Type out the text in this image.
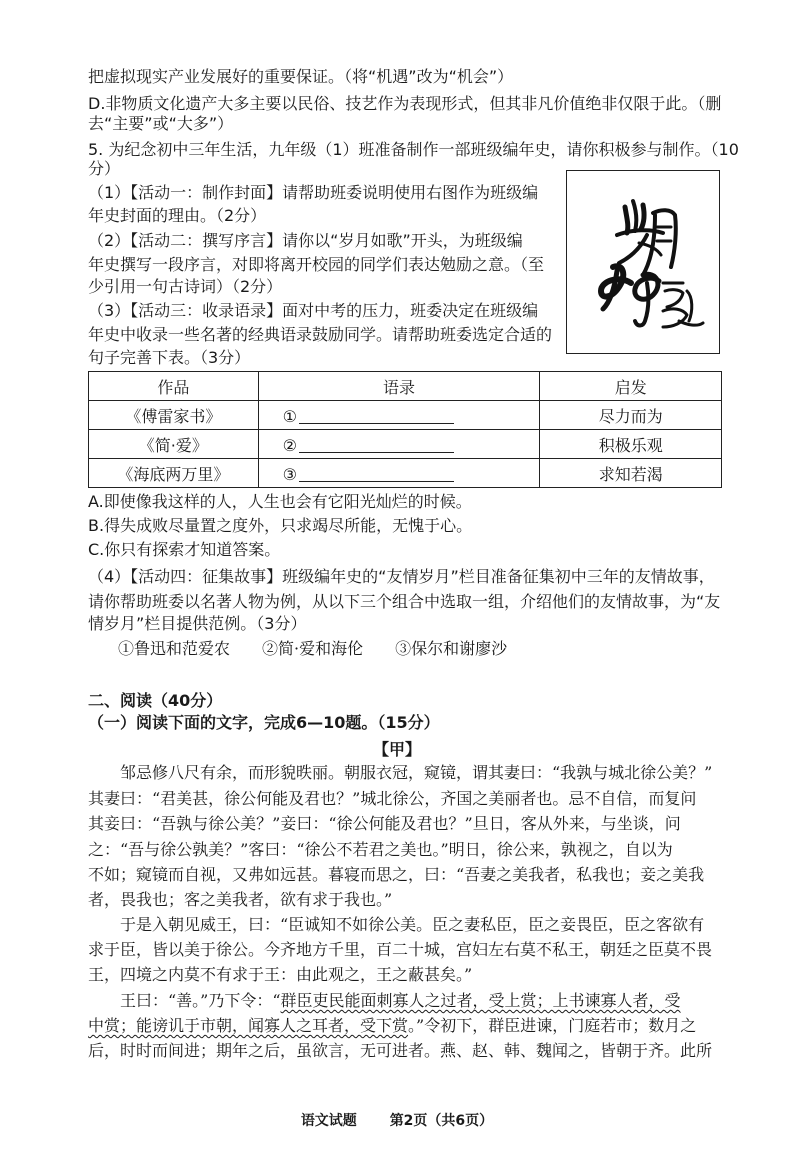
把虚拟现实产业发展好的重要保证。（将“机遇”改为“机会”）
D.非物质文化遗产大多主要以民俗、技艺作为表现形式，但其非凡价值绝非仅限于此。（删
去“主要”或“大多”）
5. 为纪念初中三年生活，九年级（1）班准备制作一部班级编年史，请你积极参与制作。（10
分）
（1）【活动一：制作封面】请帮助班委说明使用右图作为班级编
年史封面的理由。（2分）
（2）【活动二：撰写序言】请你以“岁月如歌”开头，为班级编
年史撰写一段序言，对即将离开校园的同学们表达勉励之意。（至
少引用一句古诗词）（2分）
（3）【活动三：收录语录】面对中考的压力，班委决定在班级编
年史中收录一些名著的经典语录鼓励同学。请帮助班委选定合适的
句子完善下表。（3分）
作品	语录	启发
《傅雷家书》	①	尽力而为
《简·爱》	②	积极乐观
《海底两万里》	③	求知若渴
A.即使像我这样的人，人生也会有它阳光灿烂的时候。
B.得失成败尽量置之度外，只求竭尽所能，无愧于心。
C.你只有探索才知道答案。
（4）【活动四：征集故事】班级编年史的“友情岁月”栏目准备征集初中三年的友情故事，
请你帮助班委以名著人物为例，从以下三个组合中选取一组，介绍他们的友情故事，为“友
情岁月”栏目提供范例。（3分）
①鲁迅和范爱农　　②简·爱和海伦　　③保尔和谢廖沙
二、阅读（40分）
（一）阅读下面的文字，完成6—10题。（15分）
【甲】
　　邹忌修八尺有余，而形貌昳丽。朝服衣冠，窥镜，谓其妻曰：“我孰与城北徐公美？”
其妻曰：“君美甚，徐公何能及君也？”城北徐公，齐国之美丽者也。忌不自信，而复问
其妾曰：“吾孰与徐公美？”妾曰：“徐公何能及君也？”旦日，客从外来，与坐谈，问
之：“吾与徐公孰美？”客曰：“徐公不若君之美也。”明日，徐公来，孰视之，自以为
不如；窥镜而自视，又弗如远甚。暮寝而思之，曰：“吾妻之美我者，私我也；妾之美我
者，畏我也；客之美我者，欲有求于我也。”
　　于是入朝见威王，曰：“臣诚知不如徐公美。臣之妻私臣，臣之妾畏臣，臣之客欲有
求于臣，皆以美于徐公。今齐地方千里，百二十城，宫妇左右莫不私王，朝廷之臣莫不畏
王，四境之内莫不有求于王：由此观之，王之蔽甚矣。”
　　王曰：“善。”乃下令：“群臣吏民能面刺寡人之过者，受上赏；上书谏寡人者，受
中赏；能谤讥于市朝，闻寡人之耳者，受下赏。”令初下，群臣进谏，门庭若市；数月之
后，时时而间进；期年之后，虽欲言，无可进者。燕、赵、韩、魏闻之，皆朝于齐。此所
语文试题 第2页（共6页）
